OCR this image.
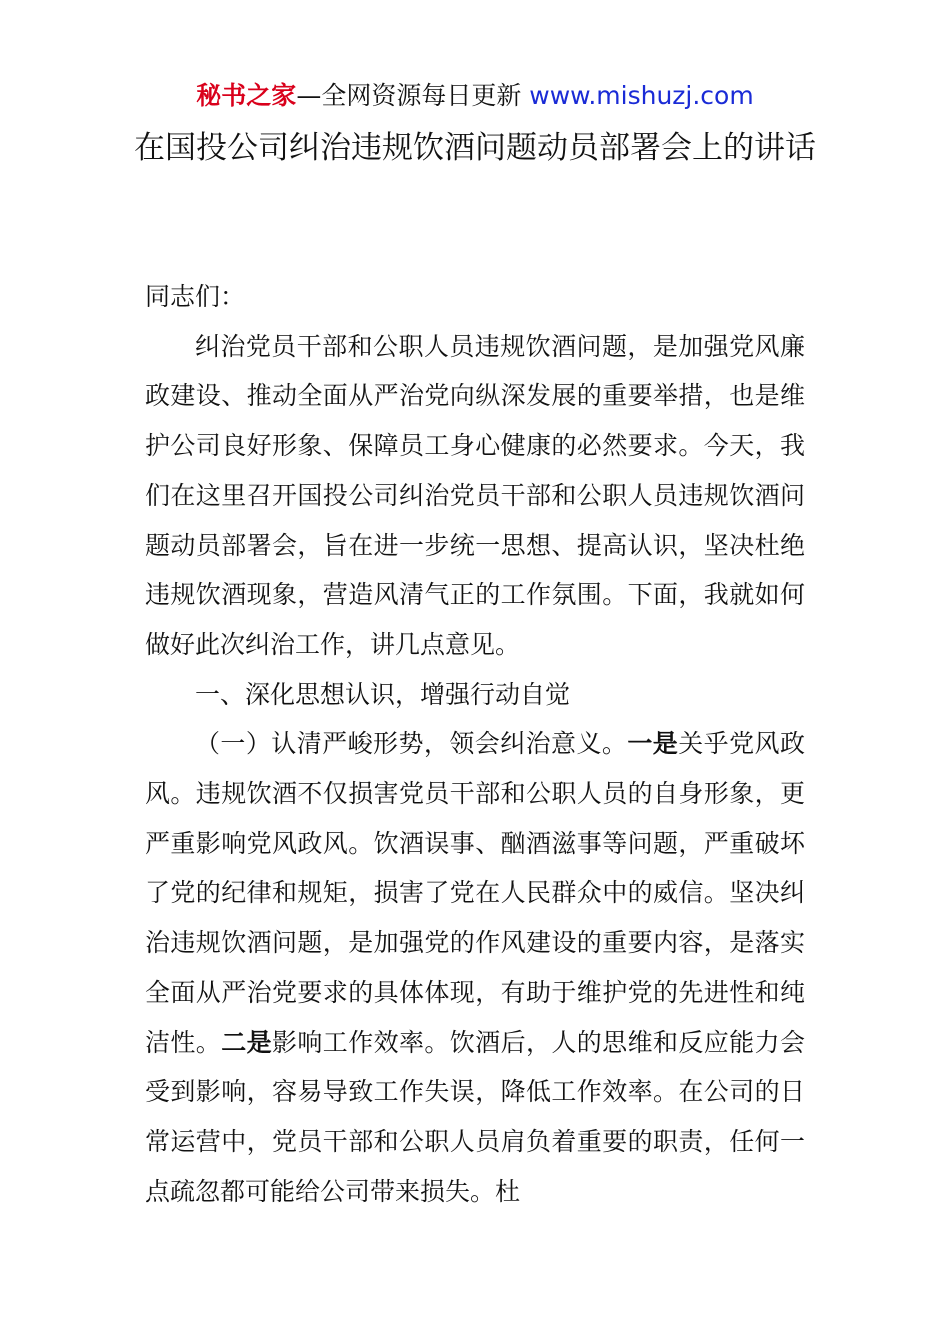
秘书之家—全网资源每日更新 www.mishuzj.com
在国投公司纠治违规饮酒问题动员部署会上的讲话

同志们：

纠治党员干部和公职人员违规饮酒问题，是加强党风廉政建设、推动全面从严治党向纵深发展的重要举措，也是维护公司良好形象、保障员工身心健康的必然要求。今天，我们在这里召开国投公司纠治党员干部和公职人员违规饮酒问题动员部署会，旨在进一步统一思想、提高认识，坚决杜绝违规饮酒现象，营造风清气正的工作氛围。下面，我就如何做好此次纠治工作，讲几点意见。

一、深化思想认识，增强行动自觉

（一）认清严峻形势，领会纠治意义。一是关乎党风政风。违规饮酒不仅损害党员干部和公职人员的自身形象，更严重影响党风政风。饮酒误事、酗酒滋事等问题，严重破坏了党的纪律和规矩，损害了党在人民群众中的威信。坚决纠治违规饮酒问题，是加强党的作风建设的重要内容，是落实全面从严治党要求的具体体现，有助于维护党的先进性和纯洁性。二是影响工作效率。饮酒后，人的思维和反应能力会受到影响，容易导致工作失误，降低工作效率。在公司的日常运营中，党员干部和公职人员肩负着重要的职责，任何一点疏忽都可能给公司带来损失。杜
